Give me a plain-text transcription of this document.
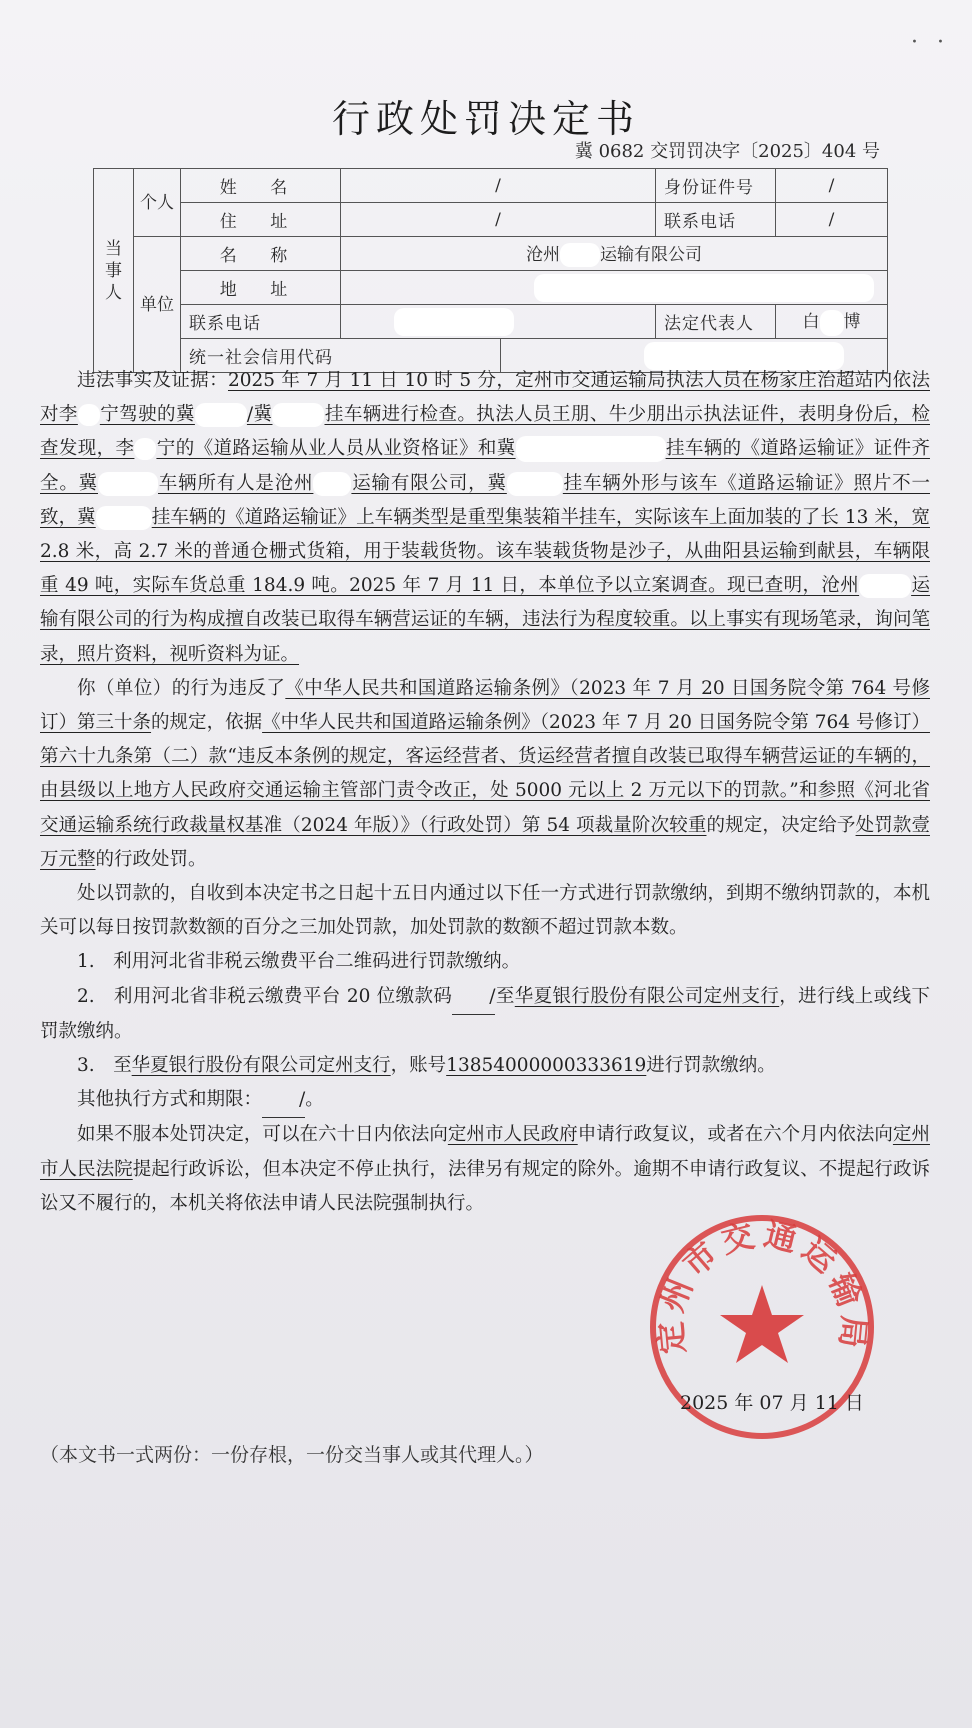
· ·
行政处罚决定书
冀 0682 交罚罚决字〔2025〕404 号
当事人	个人	姓 名	/		身份证件号	/
		住 址	/		联系电话	/
	单位	名 称	沧州 运输有限公司			
		地 址				
		联系电话			法定代表人	白 博
		统一社会信用代码				

违法事实及证据：2025 年 7 月 11 日 10 时 5 分，定州市交通运输局执法人员在杨家庄治超站内依法对李 宁驾驶的冀	/冀	挂车辆进行检查。执法人员王朋、牛少朋出示执法证件，表明身份后，检查发现，李 宁的《道路运输从业人员从业资格证》和冀	挂车辆的《道路运输证》证件齐全。冀	车辆所有人是沧州 运输有限公司，冀	挂车辆外形与该车《道路运输证》照片不一致，冀	挂车辆的《道路运输证》上车辆类型是重型集装箱半挂车，实际该车上面加装的了长 13 米，宽 2.8 米，高 2.7 米的普通仓栅式货箱，用于装载货物。该车装载货物是沙子，从曲阳县运输到献县，车辆限重 49 吨，实际车货总重 184.9 吨。2025 年 7 月 11 日，本单位予以立案调查。现已查明，沧州	运输有限公司的行为构成擅自改装已取得车辆营运证的车辆，违法行为程度较重。以上事实有现场笔录，询问笔录，照片资料，视听资料为证。

你（单位）的行为违反了《中华人民共和国道路运输条例》（2023 年 7 月 20 日国务院令第 764 号修订）第三十条的规定，依据《中华人民共和国道路运输条例》（2023 年 7 月 20 日国务院令第 764 号修订）第六十九条第（二）款“违反本条例的规定，客运经营者、货运经营者擅自改装已取得车辆营运证的车辆的，由县级以上地方人民政府交通运输主管部门责令改正，处 5000 元以上 2 万元以下的罚款。”和参照《河北省交通运输系统行政裁量权基准（2024 年版）》（行政处罚）第 54 项裁量阶次较重的规定，决定给予处罚款壹万元整的行政处罚。

处以罚款的，自收到本决定书之日起十五日内通过以下任一方式进行罚款缴纳，到期不缴纳罚款的，本机关可以每日按罚款数额的百分之三加处罚款，加处罚款的数额不超过罚款本数。

1.　利用河北省非税云缴费平台二维码进行罚款缴纳。

2.　利用河北省非税云缴费平台 20 位缴款码 /至华夏银行股份有限公司定州支行，进行线上或线下罚款缴纳。

3.　至华夏银行股份有限公司定州支行，账号13854000000333619进行罚款缴纳。

其他执行方式和期限： /。

如果不服本处罚决定，可以在六十日内依法向定州市人民政府申请行政复议，或者在六个月内依法向定州市人民法院提起行政诉讼，但本决定不停止执行，法律另有规定的除外。逾期不申请行政复议、不提起行政诉讼又不履行的，本机关将依法申请人民法院强制执行。

定州市交通运输局
2025 年 07 月 11 日
（本文书一式两份：一份存根，一份交当事人或其代理人。）
